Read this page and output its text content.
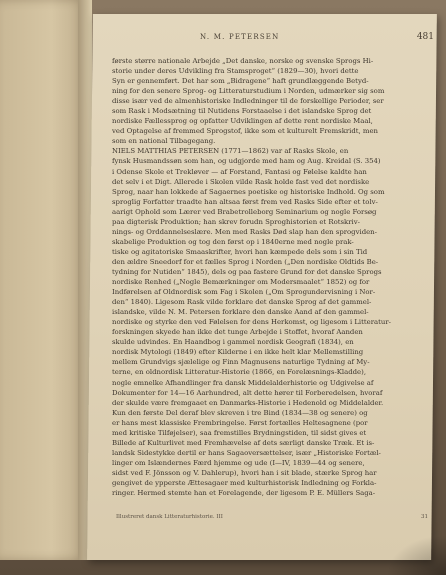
N. M. PETERSEN	481
første større nationale Arbejde „Det danske, norske og svenske Sprogs Hi-
storie under deres Udvikling fra Stamsproget“ (1829—30), hvori dette
Syn er gennemført. Det har som „Bidragene“ haft grundlæggende Betyd-
ning for den senere Sprog- og Litteraturstudium i Norden, udmærker sig som
disse især ved de almenhistoriske Indledninger til de forskellige Perioder, ser
som Rask i Modsætning til Nutidens Forstaaelse i det islandske Sprog det
nordiske Fællessprog og opfatter Udviklingen af dette rent nordiske Maal,
ved Optagelse af fremmed Sprogstof, ikke som et kulturelt Fremskridt, men
som en national Tilbagegang.
NIELS MATTHIAS PETERSEN (1771—1862) var af Rasks Skole, en
fynsk Husmandssøn som han, og udgjorde med ham og Aug. Kreidal (S. 354)
i Odense Skole et Trekløver — af Forstand, Fantasi og Følelse kaldte han
det selv i et Digt. Allerede i Skolen vilde Rask holde fast ved det nordiske
Sprog, naar han lokkede af Sagaernes poetiske og historiske Indhold. Og som
sproglig Forfatter traadte han altsaa først frem ved Rasks Side efter et tolv-
aarigt Ophold som Lærer ved Brabetrolleborg Seminarium og nogle Forsøg
paa digterisk Produktion; han skrev forudn Sproghistorien et Rotskriv-
nings- og Orddannelseslære. Men med Rasks Død slap han den sprogviden-
skabelige Produktion og tog den først op i 1840erne med nogle prak-
tiske og agitatoriske Smaaskrifter, hvori han kæmpede dels som i sin Tid
den ældre Sneedorf for et fælles Sprog i Norden („Den nordiske Oldtids Be-
tydning for Nutiden“ 1845), dels og paa fastere Grund for det danske Sprogs
nordiske Renhed („Nogle Bemærkninger om Modersmaalet“ 1852) og for
Indførelsen af Oldnordisk som Fag i Skolen („Om Sprogundervisning i Nor-
den“ 1840). Ligesom Rask vilde forklare det danske Sprog af det gammel-
islandske, vilde N. M. Petersen forklare den danske Aand af den gammel-
nordiske og styrke den ved Følelsen for dens Herkomst, og ligesom i Litteratur-
forskningen skyede han ikke det tunge Arbejde i Stoffet, hvoraf Aanden
skulde udvindes. En Haandbog i gammel nordisk Geografi (1834), en
nordisk Mytologi (1849) efter Kilderne i en ikke helt klar Mellemstilling
mellem Grundvigs sjælelige og Finn Magnusens naturlige Tydning af My-
terne, en oldnordisk Litteratur-Historie (1866, en Forelæsnings-Kladde),
nogle emnelke Afhandlinger fra dansk Middelalderhistorie og Udgivelse af
Dokumenter for 14—16 Aarhundred, alt dette hører til Forberedelsen, hvoraf
der skulde være fremgaaet en Danmarks-Historie i Hedenold og Middelalder.
Kun den første Del deraf blev skreven i tre Bind (1834—38 og senere) og
er hans mest klassiske Frembringelse. Først fortælles Heltesagnene (por
med kritiske Tilføjelser), saa fremstilles Brydningstiden, til sidst gives et
Billede af Kulturlivet med Fremhævelse af dets særligt danske Træk. Et is-
landsk Sidestykke dertil er hans Sagaoversættelser, især „Historiske Fortæl-
linger om Islændernes Færd hjemme og ude (I—IV, 1839—44 og senere,
sidst ved F. Jönsson og V. Dahlerup), hvori han i sit blade, stærke Sprog har
gengivet de ypperste Ættesagaer med kulturhistorisk Indledning og Forkla-
ringer. Hermed stemte han et Forelagende, der ligesom P. E. Müllers Saga-
Illustreret dansk Litteraturhistorie. III	31
